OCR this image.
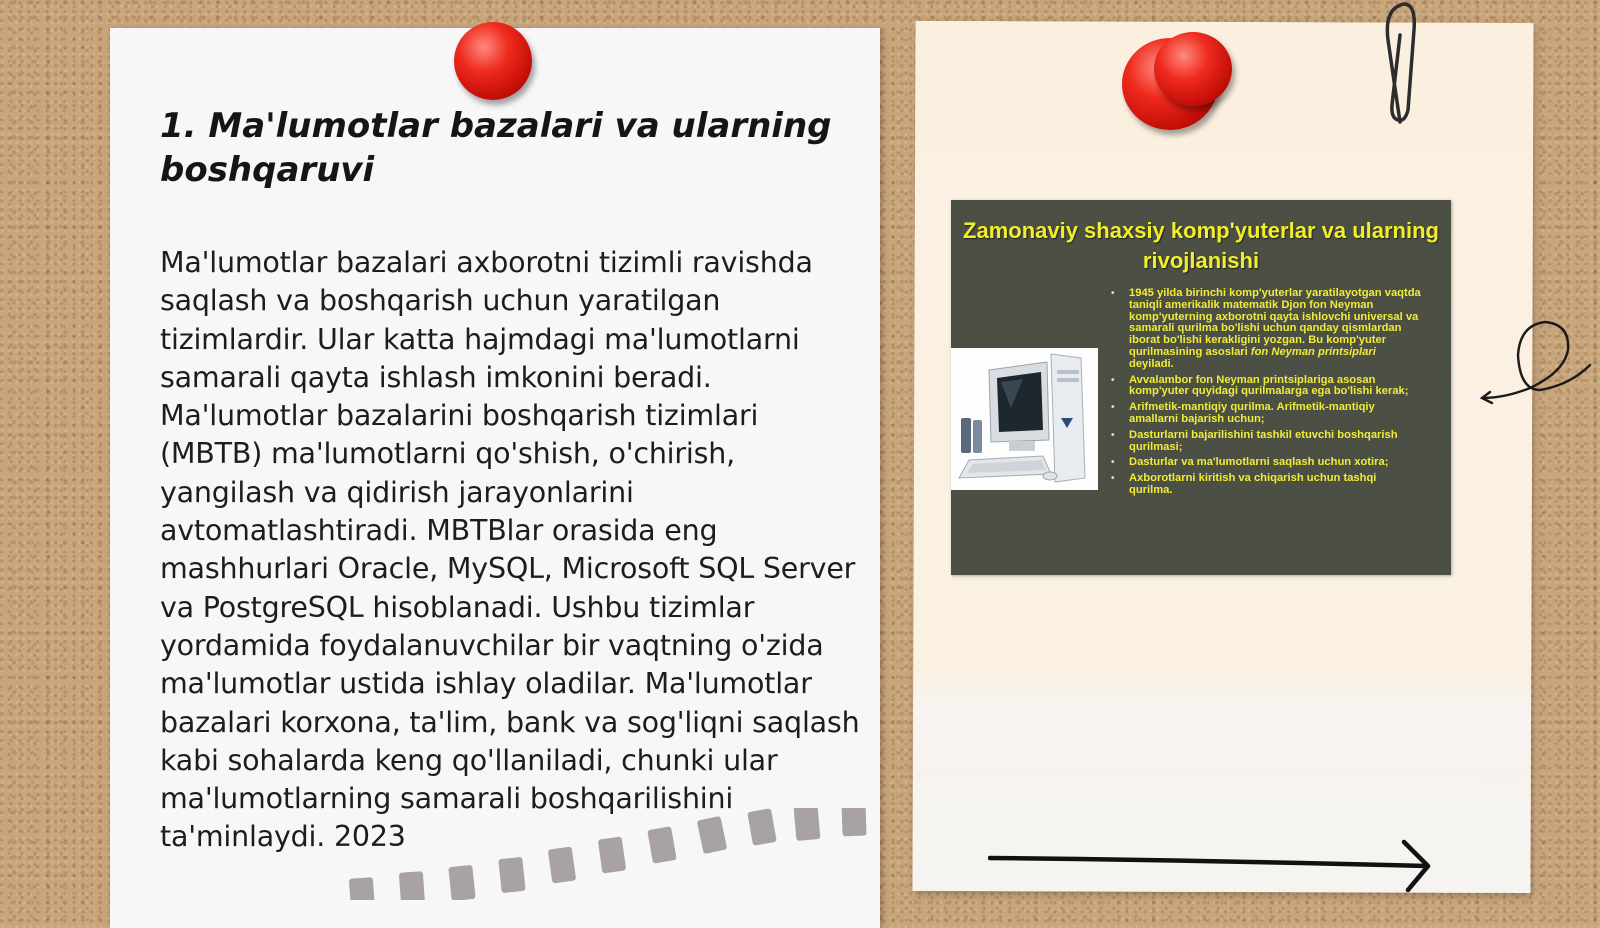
1. Ma'lumotlar bazalari va ularning boshqaruvi

Ma'lumotlar bazalari axborotni tizimli ravishda saqlash va boshqarish uchun yaratilgan tizimlardir. Ular katta hajmdagi ma'lumotlarni samarali qayta ishlash imkonini beradi. Ma'lumotlar bazalarini boshqarish tizimlari (MBTB) ma'lumotlarni qo'shish, o'chirish, yangilash va qidirish jarayonlarini avtomatlashtiradi. MBTBlar orasida eng mashhurlari Oracle, MySQL, Microsoft SQL Server va PostgreSQL hisoblanadi. Ushbu tizimlar yordamida foydalanuvchilar bir vaqtning o'zida ma'lumotlar ustida ishlay oladilar. Ma'lumotlar bazalari korxona, ta'lim, bank va sog'liqni saqlash kabi sohalarda keng qo'llaniladi, chunki ular ma'lumotlarning samarali boshqarilishini ta'minlaydi. 2023

Zamonaviy shaxsiy komp'yuterlar va ularning rivojlanishi
• 1945 yilda birinchi komp'yuterlar yaratilayotgan vaqtda taniqli amerikalik matematik Djon fon Neyman komp'yuterning axborotni qayta ishlovchi universal va samarali qurilma bo'lishi uchun qanday qismlardan iborat bo'lishi kerakligini yozgan. Bu komp'yuter qurilmasining asoslari fon Neyman printsiplari deyiladi.
• Avvalambor fon Neyman printsiplariga asosan komp'yuter quyidagi qurilmalarga ega bo'lishi kerak;
• Arifmetik-mantiqiy qurilma. Arifmetik-mantiqiy amallarni bajarish uchun;
• Dasturlarni bajarilishini tashkil etuvchi boshqarish qurilmasi;
• Dasturlar va ma'lumotlarni saqlash uchun xotira;
• Axborotlarni kiritish va chiqarish uchun tashqi qurilma.
